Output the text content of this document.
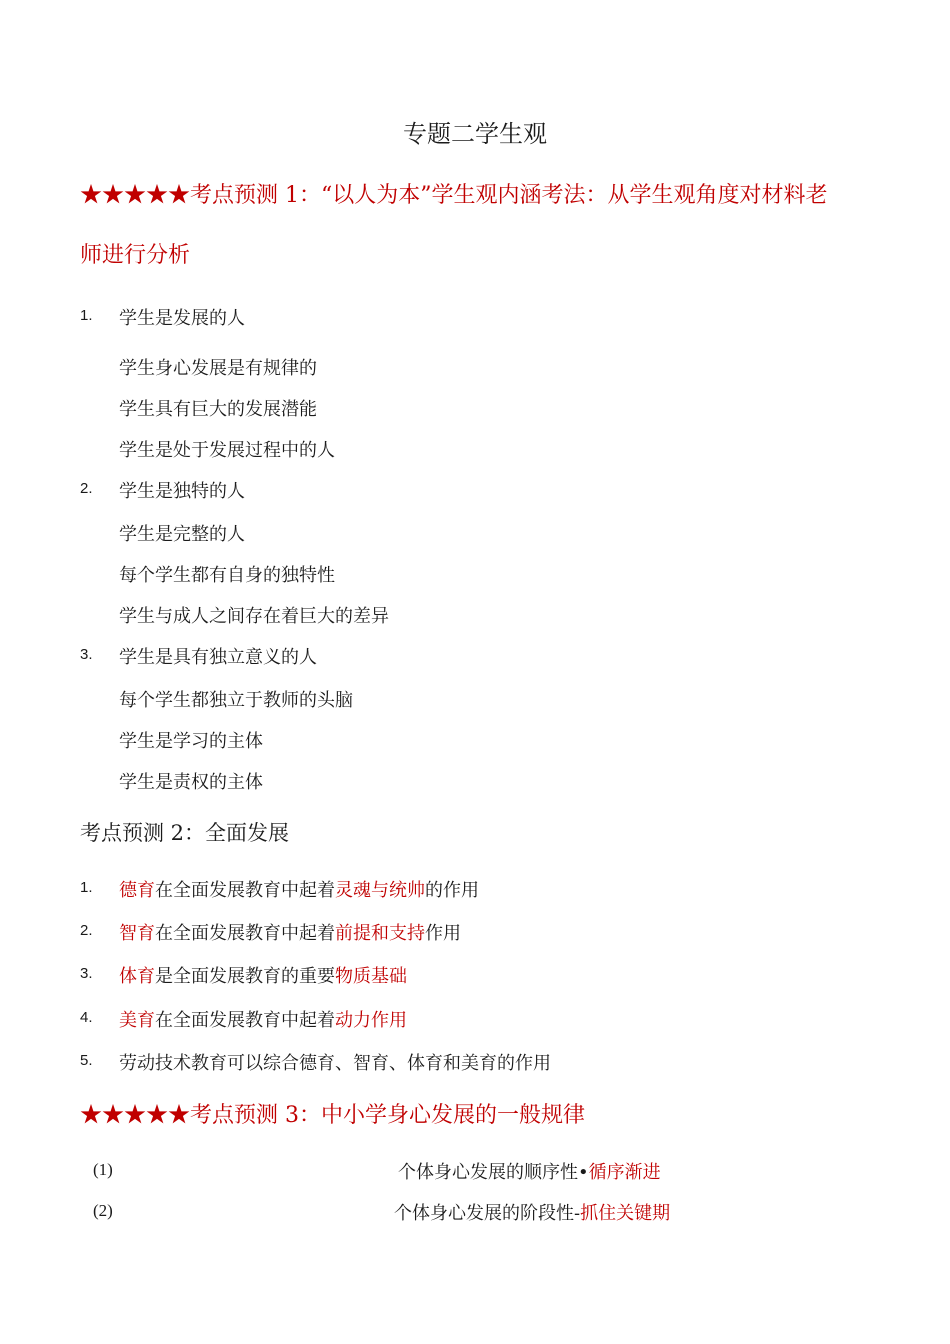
专题二学生观
★★★★★考点预测 1：“以人为本”学生观内涵考法：从学生观角度对材料老
师进行分析
1. 学生是发展的人
学生身心发展是有规律的
学生具有巨大的发展潜能
学生是处于发展过程中的人
2. 学生是独特的人
学生是完整的人
每个学生都有自身的独特性
学生与成人之间存在着巨大的差异
3. 学生是具有独立意义的人
每个学生都独立于教师的头脑
学生是学习的主体
学生是责权的主体
考点预测 2：全面发展
1. 德育在全面发展教育中起着灵魂与统帅的作用
2. 智育在全面发展教育中起着前提和支持作用
3. 体育是全面发展教育的重要物质基础
4. 美育在全面发展教育中起着动力作用
5. 劳动技术教育可以综合德育、智育、体育和美育的作用
★★★★★考点预测 3：中小学身心发展的一般规律
(1)	个体身心发展的顺序性•循序渐进
(2)	个体身心发展的阶段性-抓住关键期
